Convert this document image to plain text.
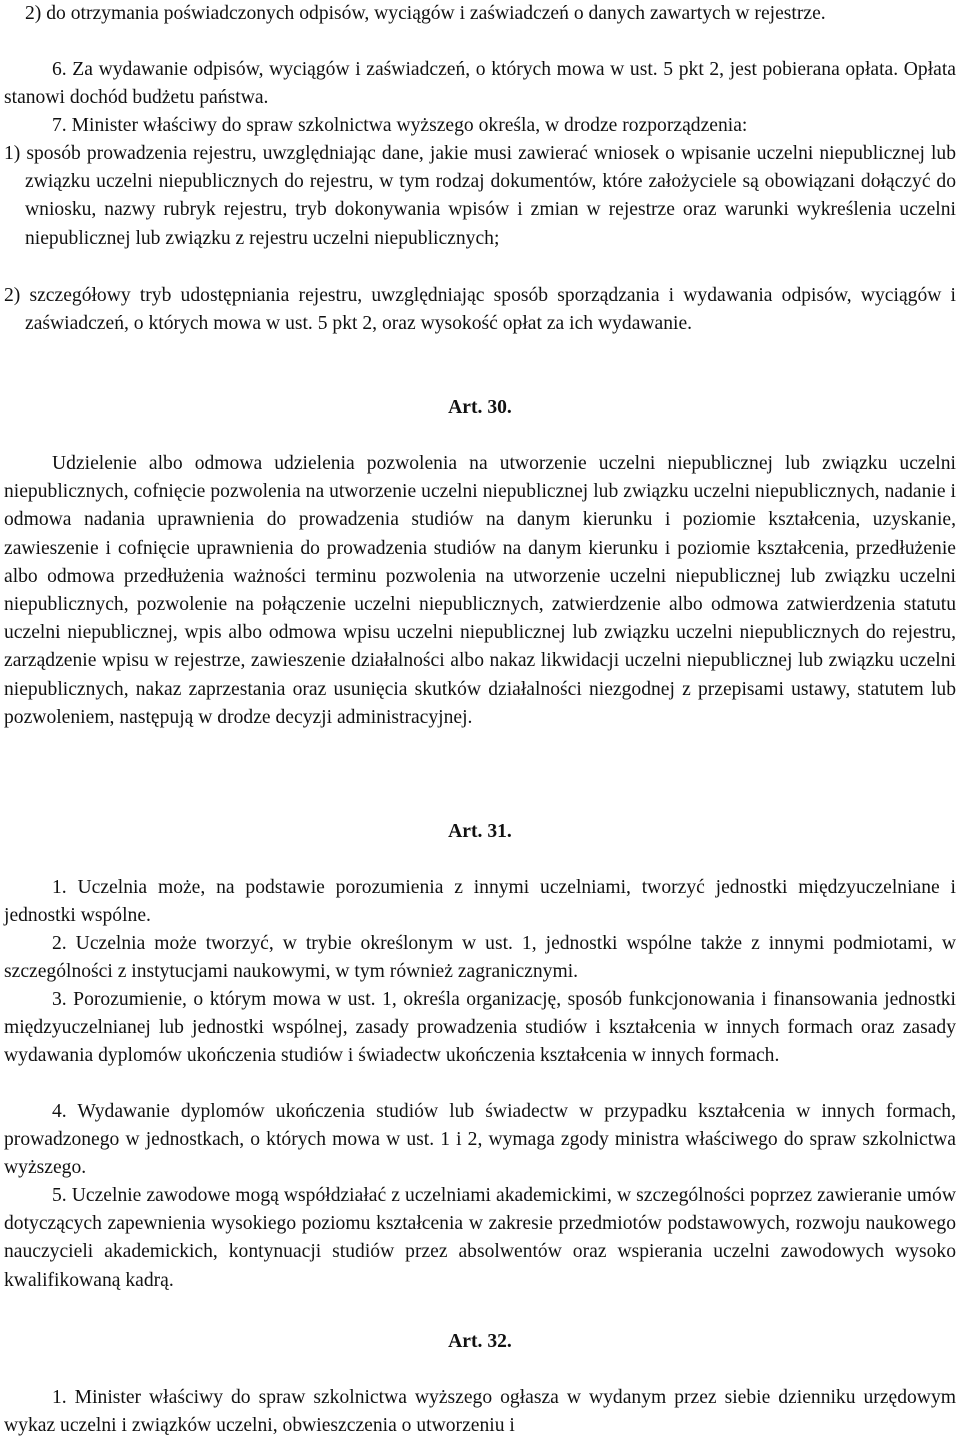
2) do otrzymania poświadczonych odpisów, wyciągów i zaświadczeń o danych zawartych w rejestrze.

6. Za wydawanie odpisów, wyciągów i zaświadczeń, o których mowa w ust. 5 pkt 2, jest pobierana opłata. Opłata stanowi dochód budżetu państwa.

7. Minister właściwy do spraw szkolnictwa wyższego określa, w drodze rozporządzenia:

1) sposób prowadzenia rejestru, uwzględniając dane, jakie musi zawierać wniosek o wpisanie uczelni niepublicznej lub związku uczelni niepublicznych do rejestru, w tym rodzaj dokumentów, które założyciele są obowiązani dołączyć do wniosku, nazwy rubryk rejestru, tryb dokonywania wpisów i zmian w rejestrze oraz warunki wykreślenia uczelni niepublicznej lub związku z rejestru uczelni niepublicznych;

2) szczegółowy tryb udostępniania rejestru, uwzględniając sposób sporządzania i wydawania odpisów, wyciągów i zaświadczeń, o których mowa w ust. 5 pkt 2, oraz wysokość opłat za ich wydawanie.

Art. 30.

Udzielenie albo odmowa udzielenia pozwolenia na utworzenie uczelni niepublicznej lub związku uczelni niepublicznych, cofnięcie pozwolenia na utworzenie uczelni niepublicznej lub związku uczelni niepublicznych, nadanie i odmowa nadania uprawnienia do prowadzenia studiów na danym kierunku i poziomie kształcenia, uzyskanie, zawieszenie i cofnięcie uprawnienia do prowadzenia studiów na danym kierunku i poziomie kształcenia, przedłużenie albo odmowa przedłużenia ważności terminu pozwolenia na utworzenie uczelni niepublicznej lub związku uczelni niepublicznych, pozwolenie na połączenie uczelni niepublicznych, zatwierdzenie albo odmowa zatwierdzenia statutu uczelni niepublicznej, wpis albo odmowa wpisu uczelni niepublicznej lub związku uczelni niepublicznych do rejestru, zarządzenie wpisu w rejestrze, zawieszenie działalności albo nakaz likwidacji uczelni niepublicznej lub związku uczelni niepublicznych, nakaz zaprzestania oraz usunięcia skutków działalności niezgodnej z przepisami ustawy, statutem lub pozwoleniem, następują w drodze decyzji administracyjnej.

Art. 31.

1. Uczelnia może, na podstawie porozumienia z innymi uczelniami, tworzyć jednostki międzyuczelniane i jednostki wspólne.

2. Uczelnia może tworzyć, w trybie określonym w ust. 1, jednostki wspólne także z innymi podmiotami, w szczególności z instytucjami naukowymi, w tym również zagranicznymi.

3. Porozumienie, o którym mowa w ust. 1, określa organizację, sposób funkcjonowania i finansowania jednostki międzyuczelnianej lub jednostki wspólnej, zasady prowadzenia studiów i kształcenia w innych formach oraz zasady wydawania dyplomów ukończenia studiów i świadectw ukończenia kształcenia w innych formach.

4. Wydawanie dyplomów ukończenia studiów lub świadectw w przypadku kształcenia w innych formach, prowadzonego w jednostkach, o których mowa w ust. 1 i 2, wymaga zgody ministra właściwego do spraw szkolnictwa wyższego.

5. Uczelnie zawodowe mogą współdziałać z uczelniami akademickimi, w szczególności poprzez zawieranie umów dotyczących zapewnienia wysokiego poziomu kształcenia w zakresie przedmiotów podstawowych, rozwoju naukowego nauczycieli akademickich, kontynuacji studiów przez absolwentów oraz wspierania uczelni zawodowych wysoko kwalifikowaną kadrą.

Art. 32.

1. Minister właściwy do spraw szkolnictwa wyższego ogłasza w wydanym przez siebie dzienniku urzędowym wykaz uczelni i związków uczelni, obwieszczenia o utworzeniu i
